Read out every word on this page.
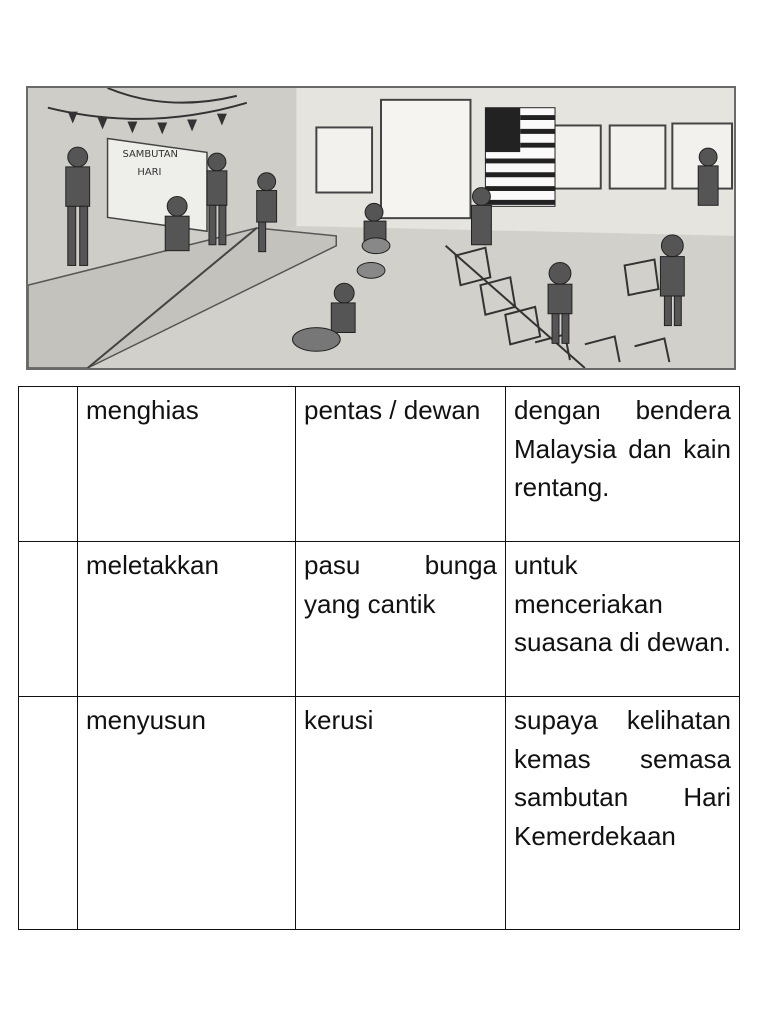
SAMBUTAN
HARI
	menghias	pentas / dewan	dengan bendera Malaysia dan kain rentang.
	meletakkan	pasu bunga yang cantik	untuk menceriakan suasana di dewan.
	menyusun	kerusi	supaya kelihatan kemas semasa sambutan Hari Kemerdekaan
